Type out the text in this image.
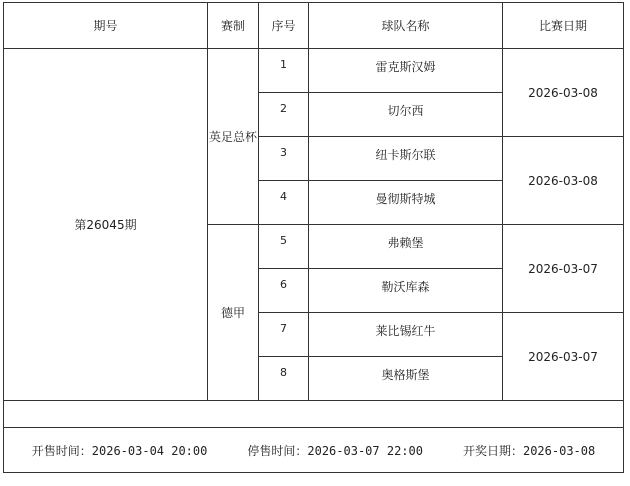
期号	赛制	序号	球队名称	比赛日期
第26045期	英足总杯	1	雷克斯汉姆	2026-03-08
		2	切尔西	
		3	纽卡斯尔联	2026-03-08
		4	曼彻斯特城	
	德甲	5	弗赖堡	2026-03-07
		6	勒沃库森	
		7	莱比锡红牛	2026-03-07
		8	奥格斯堡	

开售时间：2026-03-04 20:00 停售时间：2026-03-07 22:00 开奖日期：2026-03-08				
